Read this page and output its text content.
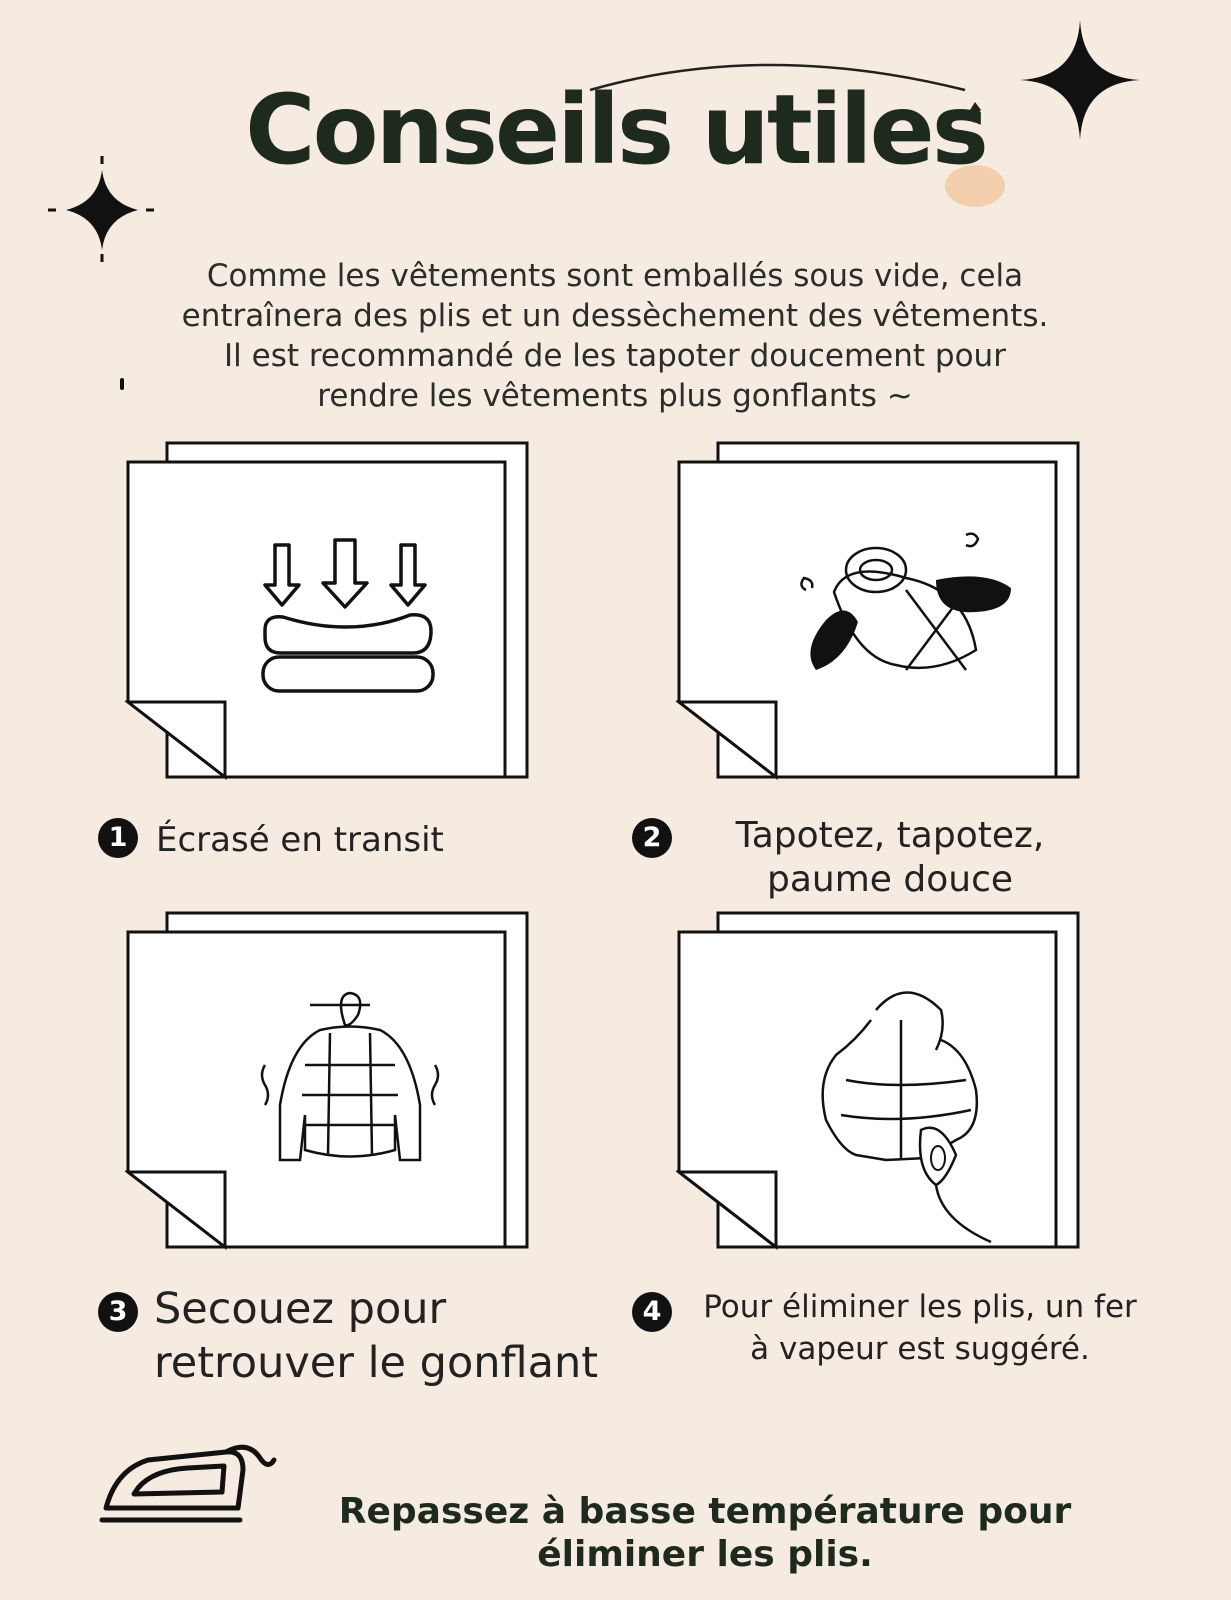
Conseils utiles
Comme les vêtements sont emballés sous vide, cela
entraînera des plis et un dessèchement des vêtements.
Il est recommandé de les tapoter doucement pour
rendre les vêtements plus gonflants ~
1 Écrasé en transit	2	Tapotez, tapotez,
paume douce
3 Secouez pour
retrouver le gonflant
4	Pour éliminer les plis, un fer
à vapeur est suggéré.
Repassez à basse température pour
éliminer les plis.
